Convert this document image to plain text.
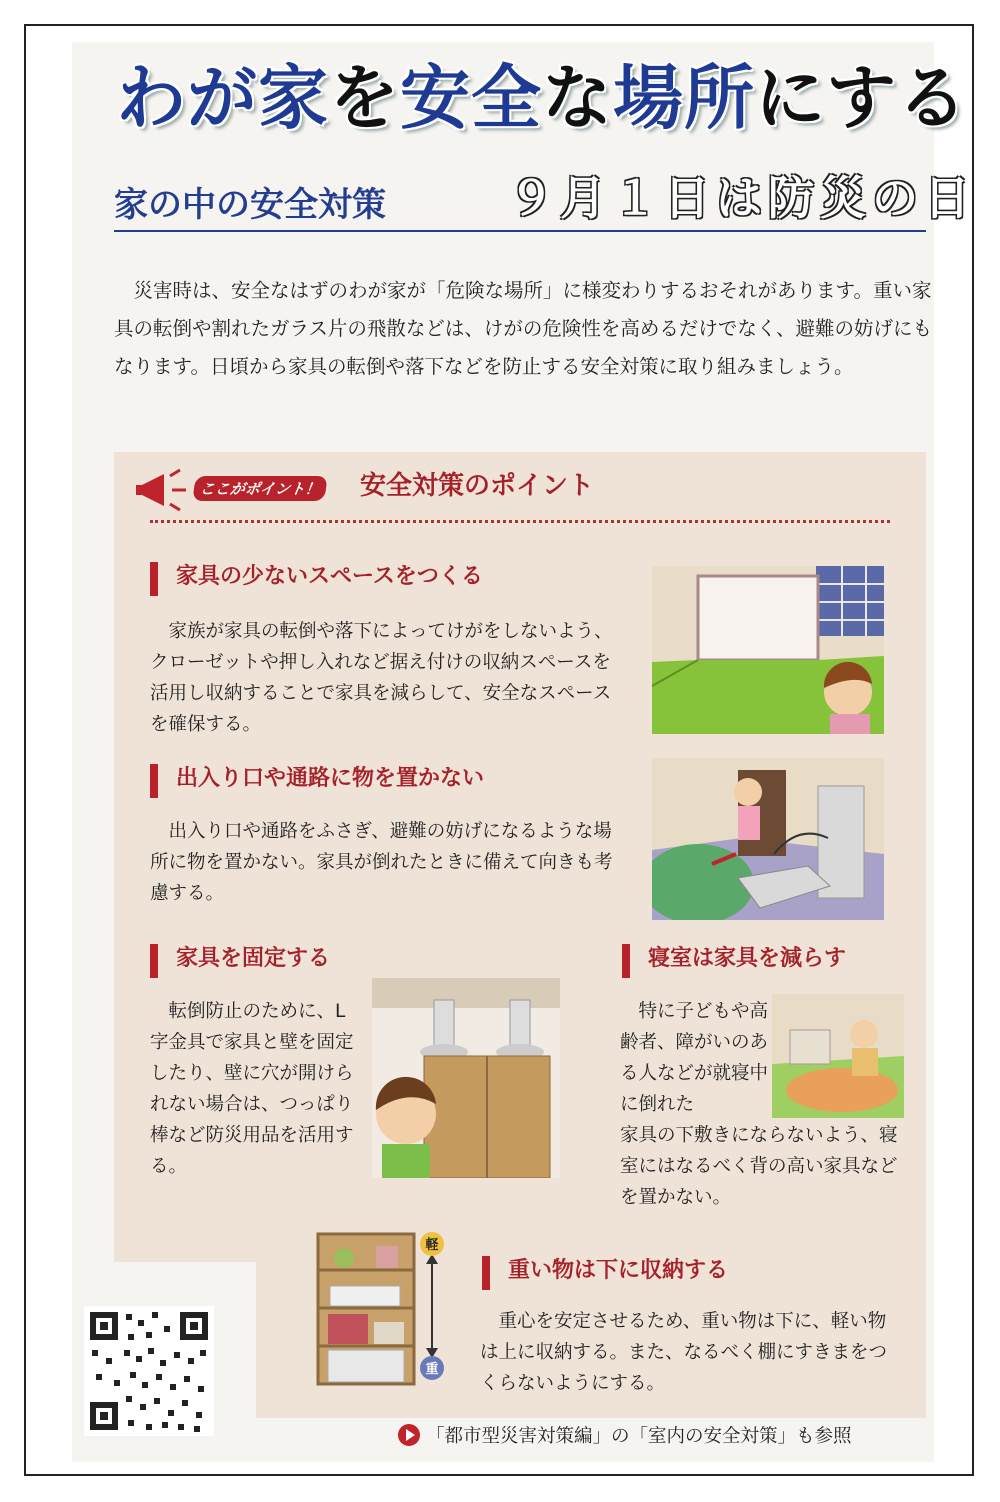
わが家を安全な場所にする
家の中の安全対策	９月１日は防災の日
災害時は、安全なはずのわが家が「危険な場所」に様変わりするおそれがあります。重い家具の転倒や割れたガラス片の飛散などは、けがの危険性を高めるだけでなく、避難の妨げにもなります。日頃から家具の転倒や落下などを防止する安全対策に取り組みましょう。
ここがポイント！ 安全対策のポイント
家具の少ないスペースをつくる
家族が家具の転倒や落下によってけがをしないよう、クローゼットや押し入れなど据え付けの収納スペースを活用し収納することで家具を減らして、安全なスペースを確保する。
出入り口や通路に物を置かない
出入り口や通路をふさぎ、避難の妨げになるような場所に物を置かない。家具が倒れたときに備えて向きも考慮する。
家具を固定する
転倒防止のために、L字金具で家具と壁を固定したり、壁に穴が開けられない場合は、つっぱり棒など防災用品を活用する。
寝室は家具を減らす
特に子どもや高齢者、障がいのある人などが就寝中に倒れた
家具の下敷きにならないよう、寝室にはなるべく背の高い家具などを置かない。
軽
重
重い物は下に収納する
重心を安定させるため、重い物は下に、軽い物は上に収納する。また、なるべく棚にすきまをつくらないようにする。
「都市型災害対策編」の「室内の安全対策」も参照
